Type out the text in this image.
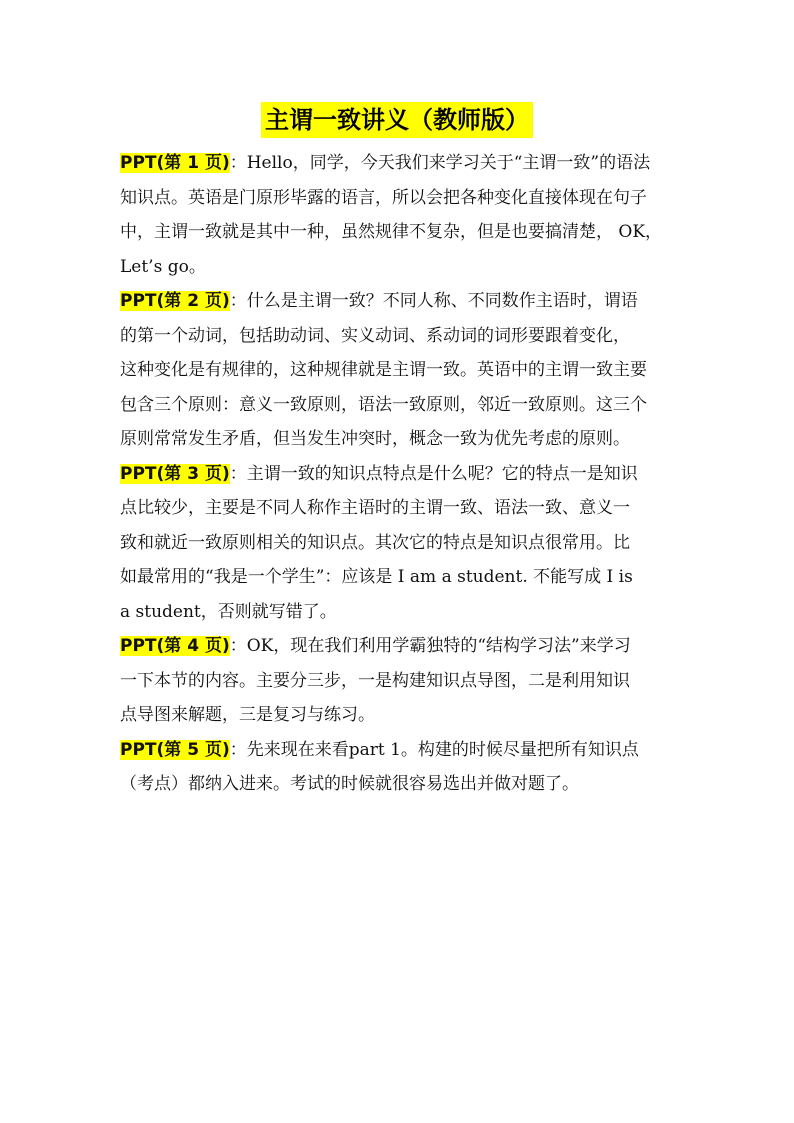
主谓一致讲义（教师版）

PPT(第 1 页)：Hello，同学，今天我们来学习关于“主谓一致”的语法
知识点。英语是门原形毕露的语言，所以会把各种变化直接体现在句子
中，主谓一致就是其中一种，虽然规律不复杂，但是也要搞清楚， OK，
Let’s go。

PPT(第 2 页)：什么是主谓一致？不同人称、不同数作主语时，谓语
的第一个动词，包括助动词、实义动词、系动词的词形要跟着变化，
这种变化是有规律的，这种规律就是主谓一致。英语中的主谓一致主要
包含三个原则：意义一致原则，语法一致原则，邻近一致原则。这三个
原则常常发生矛盾，但当发生冲突时，概念一致为优先考虑的原则。

PPT(第 3 页)：主谓一致的知识点特点是什么呢？它的特点一是知识
点比较少，主要是不同人称作主语时的主谓一致、语法一致、意义一
致和就近一致原则相关的知识点。其次它的特点是知识点很常用。比
如最常用的“我是一个学生”：应该是 I am a student. 不能写成 I is
a student，否则就写错了。

PPT(第 4 页)：OK，现在我们利用学霸独特的“结构学习法”来学习
一下本节的内容。主要分三步，一是构建知识点导图，二是利用知识
点导图来解题，三是复习与练习。

PPT(第 5 页)：先来现在来看part 1。构建的时候尽量把所有知识点
（考点）都纳入进来。考试的时候就很容易选出并做对题了。
